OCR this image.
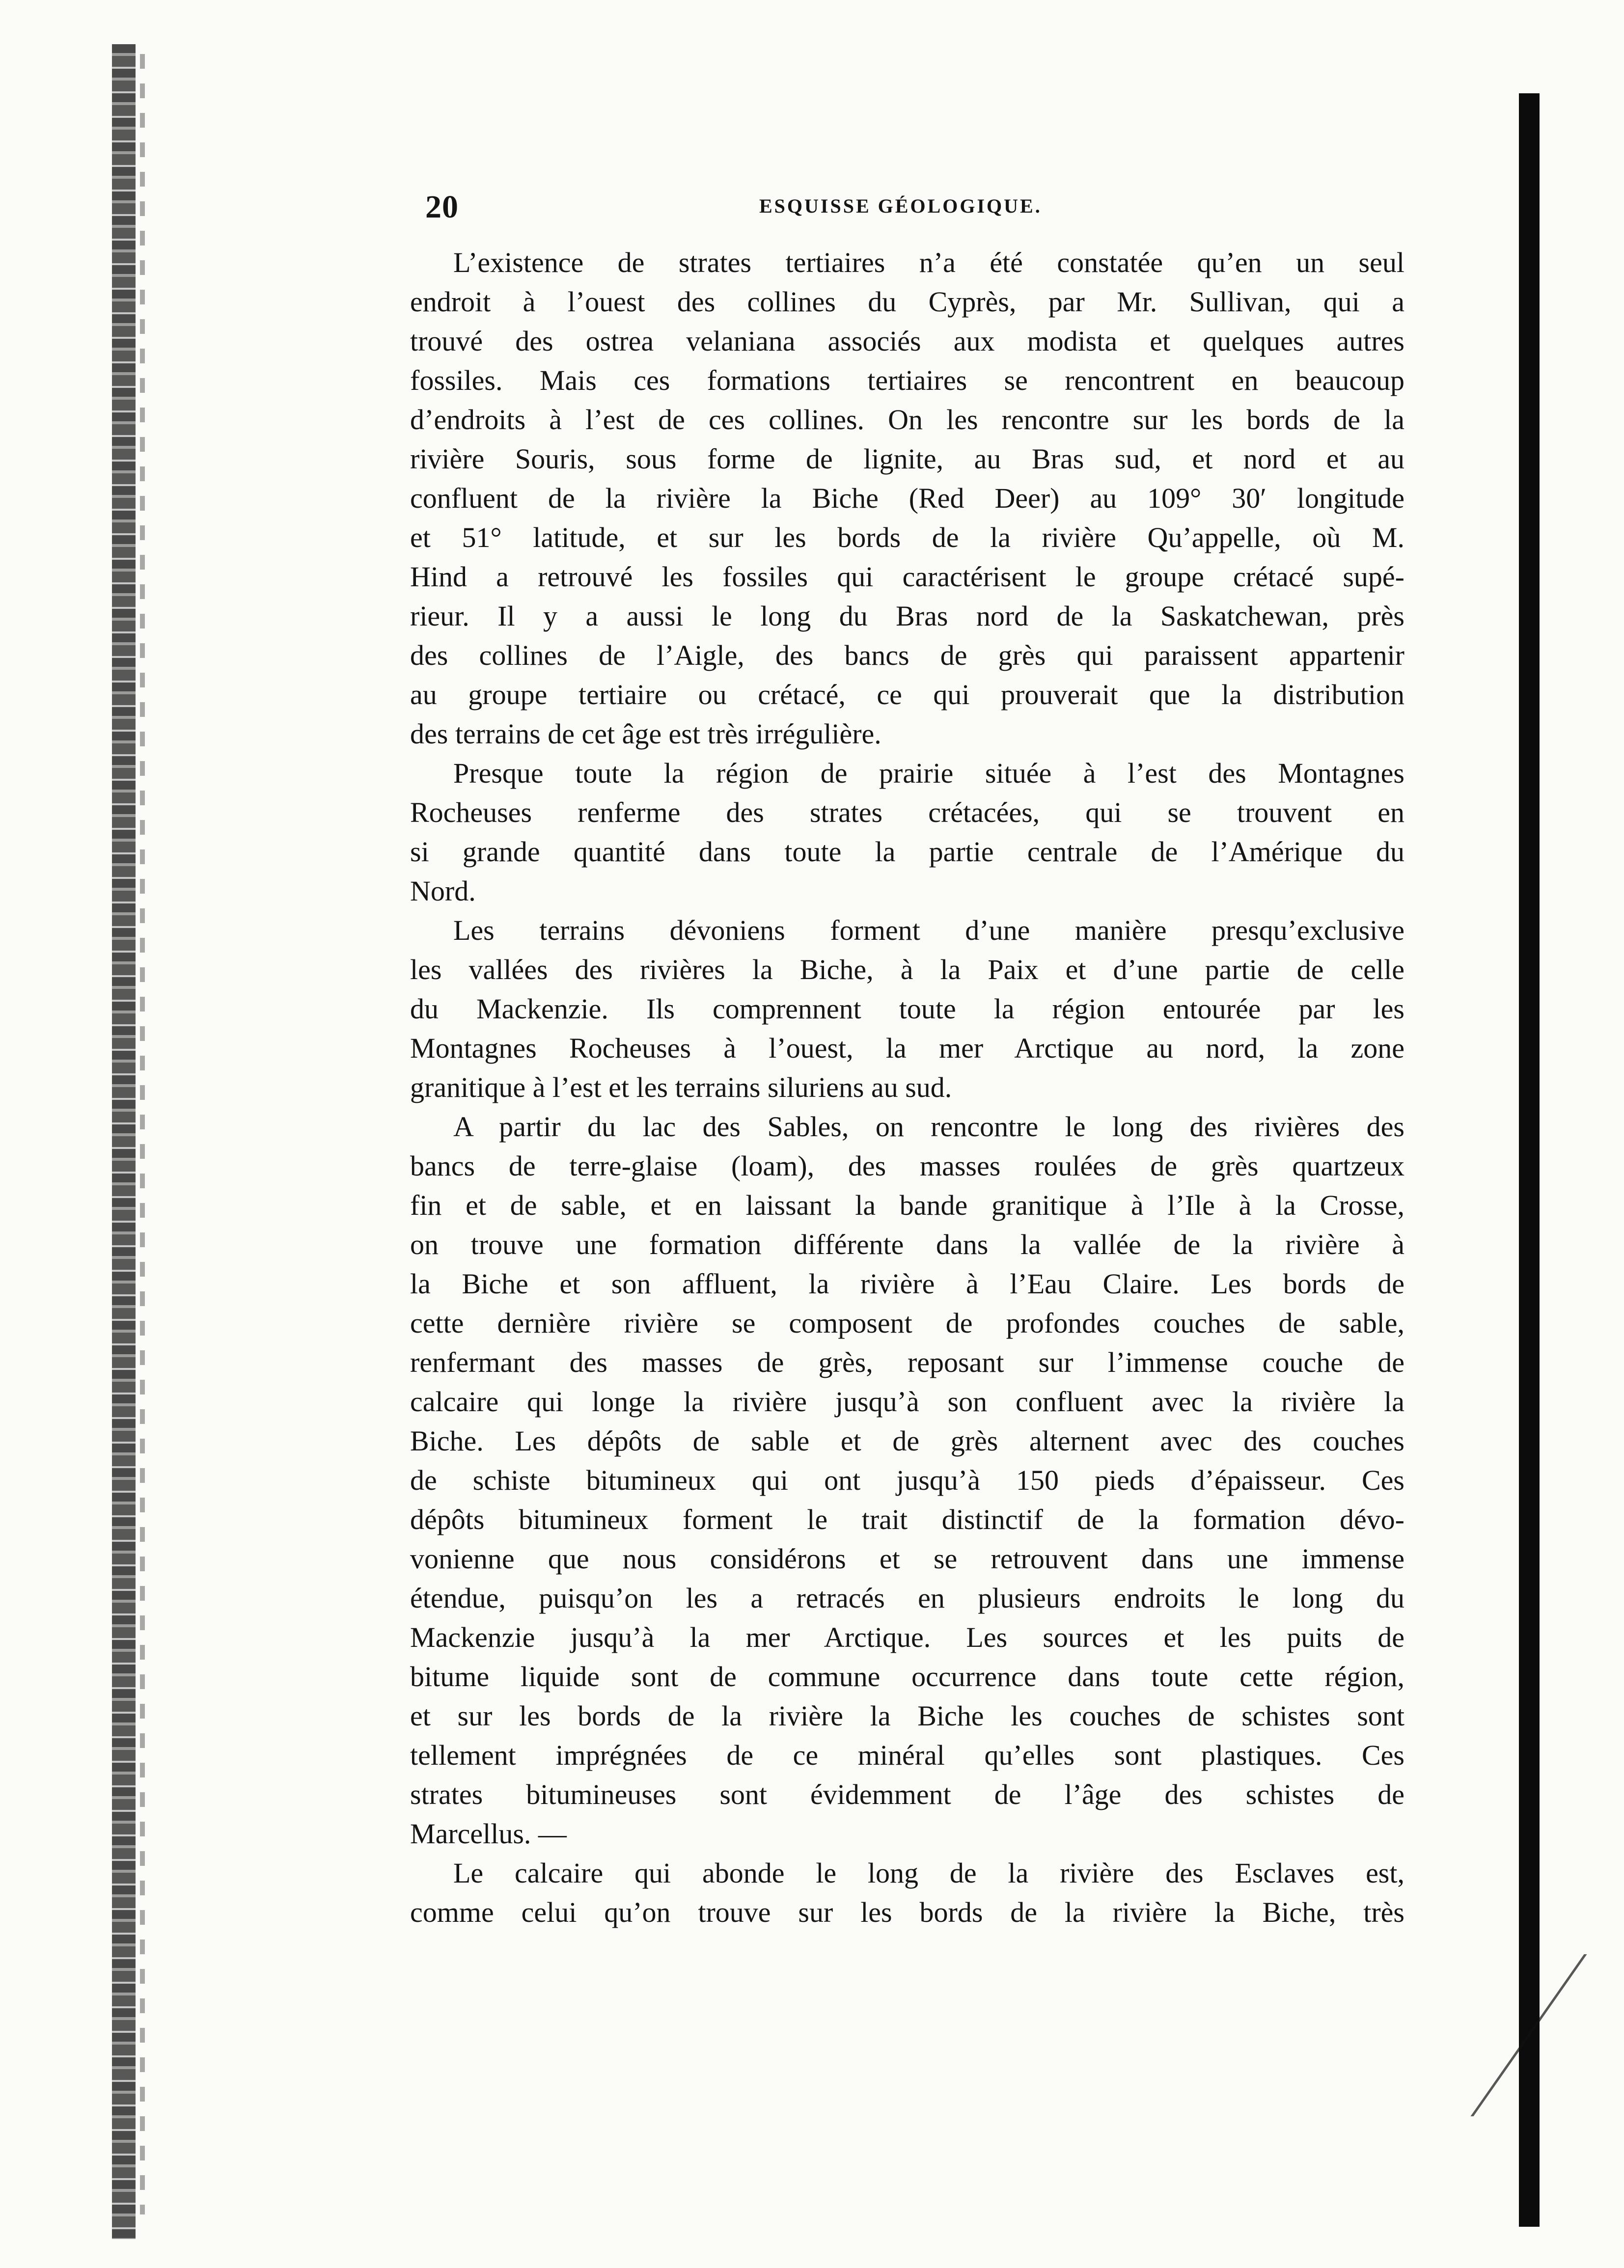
20	ESQUISSE GÉOLOGIQUE.
L’existence de strates tertiaires n’a été constatée qu’en un seul
endroit à l’ouest des collines du Cyprès, par Mr. Sullivan, qui a
trouvé des ostrea velaniana associés aux modista et quelques autres
fossiles. Mais ces formations tertiaires se rencontrent en beaucoup
d’endroits à l’est de ces collines. On les rencontre sur les bords de la
rivière Souris, sous forme de lignite, au Bras sud, et nord et au
confluent de la rivière la Biche (Red Deer) au 109° 30′ longitude
et 51° latitude, et sur les bords de la rivière Qu’appelle, où M.
Hind a retrouvé les fossiles qui caractérisent le groupe crétacé supé-
rieur. Il y a aussi le long du Bras nord de la Saskatchewan, près
des collines de l’Aigle, des bancs de grès qui paraissent appartenir
au groupe tertiaire ou crétacé, ce qui prouverait que la distribution
des terrains de cet âge est très irrégulière.
Presque toute la région de prairie située à l’est des Montagnes
Rocheuses renferme des strates crétacées, qui se trouvent en
si grande quantité dans toute la partie centrale de l’Amérique du
Nord.
Les terrains dévoniens forment d’une manière presqu’exclusive
les vallées des rivières la Biche, à la Paix et d’une partie de celle
du Mackenzie. Ils comprennent toute la région entourée par les
Montagnes Rocheuses à l’ouest, la mer Arctique au nord, la zone
granitique à l’est et les terrains siluriens au sud.
A partir du lac des Sables, on rencontre le long des rivières des
bancs de terre-glaise (loam), des masses roulées de grès quartzeux
fin et de sable, et en laissant la bande granitique à l’Ile à la Crosse,
on trouve une formation différente dans la vallée de la rivière à
la Biche et son affluent, la rivière à l’Eau Claire. Les bords de
cette dernière rivière se composent de profondes couches de sable,
renfermant des masses de grès, reposant sur l’immense couche de
calcaire qui longe la rivière jusqu’à son confluent avec la rivière la
Biche. Les dépôts de sable et de grès alternent avec des couches
de schiste bitumineux qui ont jusqu’à 150 pieds d’épaisseur. Ces
dépôts bitumineux forment le trait distinctif de la formation dévo-
vonienne que nous considérons et se retrouvent dans une immense
étendue, puisqu’on les a retracés en plusieurs endroits le long du
Mackenzie jusqu’à la mer Arctique. Les sources et les puits de
bitume liquide sont de commune occurrence dans toute cette région,
et sur les bords de la rivière la Biche les couches de schistes sont
tellement imprégnées de ce minéral qu’elles sont plastiques. Ces
strates bitumineuses sont évidemment de l’âge des schistes de
Marcellus. —
Le calcaire qui abonde le long de la rivière des Esclaves est,
comme celui qu’on trouve sur les bords de la rivière la Biche, très
